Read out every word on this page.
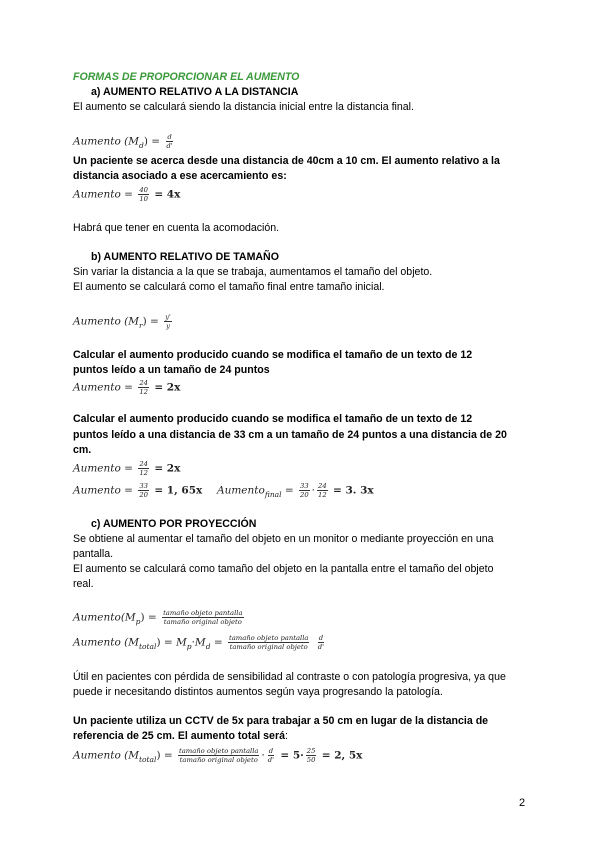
FORMAS DE PROPORCIONAR EL AUMENTO
a) AUMENTO RELATIVO A LA DISTANCIA
El aumento se calculará siendo la distancia inicial entre la distancia final.
Aumento $(M_d) = \frac{d}{d'}$
Un paciente se acerca desde una distancia de 40cm a 10 cm. El aumento relativo a la
distancia asociado a ese acercamiento es:
Aumento = $\frac{40}{10} = 4x$
Habrá que tener en cuenta la acomodación.
b) AUMENTO RELATIVO DE TAMAÑO
Sin variar la distancia a la que se trabaja, aumentamos el tamaño del objeto.
El aumento se calculará como el tamaño final entre tamaño inicial.
Aumento $(M_r) = \frac{y'}{y}$
Calcular el aumento producido cuando se modifica el tamaño de un texto de 12
puntos leído a un tamaño de 24 puntos
Aumento = $\frac{24}{12} = 2x$
Calcular el aumento producido cuando se modifica el tamaño de un texto de 12
puntos leído a una distancia de 33 cm a un tamaño de 24 puntos a una distancia de 20
cm.
Aumento = $\frac{24}{12} = 2x$
Aumento = $\frac{33}{20} = 1$, 65x Aumento$_{final}$ = $\frac{33}{20} \cdot \frac{24}{12} = 3$. 3x
c) AUMENTO POR PROYECCIÓN
Se obtiene al aumentar el tamaño del objeto en un monitor o mediante proyección en una
pantalla.
El aumento se calculará como tamaño del objeto en la pantalla entre el tamaño del objeto
real.
$Aumento(M_p) = \frac{\text{tamaño objeto pantalla}}{\text{tamaño original objeto}}$
Aumento $(M_{total}) = M_p\cdot M_d = \frac{\text{tamaño objeto pantalla}}{\text{tamaño original objeto}}$
$\frac{d}{d'}$
Útil en pacientes con pérdida de sensibilidad al contraste o con patología progresiva, ya que
puede ir necesitando distintos aumentos según vaya progresando la patología.
Un paciente utiliza un CCTV de 5x para trabajar a 50 cm en lugar de la distancia de
referencia de 25 cm. El aumento total será:
Aumento $(M_{total}) = \frac{\text{tamaño objeto pantalla}}{\text{tamaño original objeto}} \cdot \frac{d}{d'} = 5\cdot \frac{25}{50} = 2$, 5x
2
